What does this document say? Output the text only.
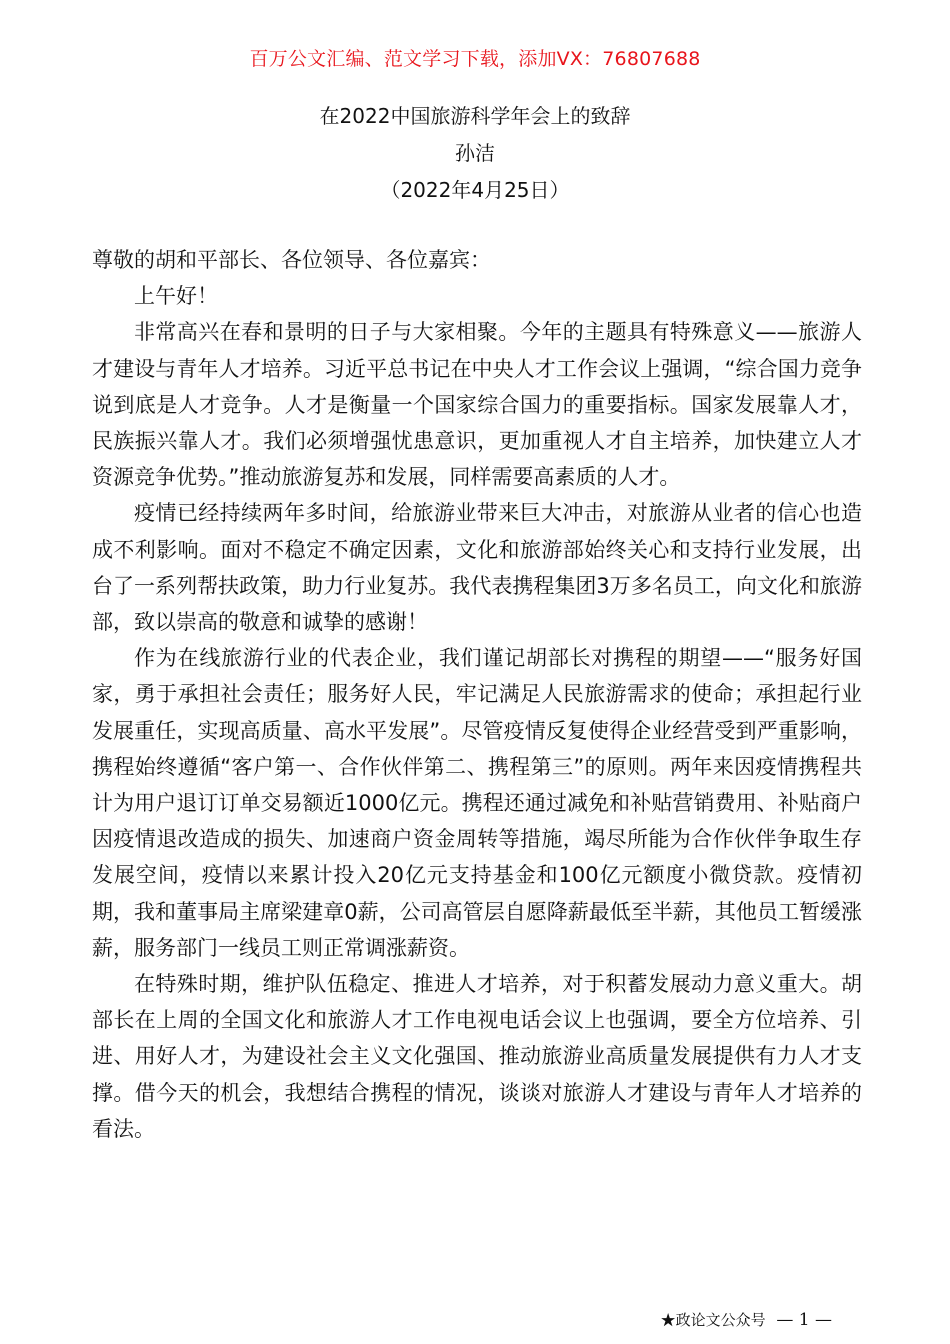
百万公文汇编、范文学习下载，添加VX：76807688
在2022中国旅游科学年会上的致辞
孙洁
（2022年4月25日）

尊敬的胡和平部长、各位领导、各位嘉宾：

上午好！

非常高兴在春和景明的日子与大家相聚。今年的主题具有特殊意义——旅游人才建设与青年人才培养。习近平总书记在中央人才工作会议上强调，“综合国力竞争说到底是人才竞争。人才是衡量一个国家综合国力的重要指标。国家发展靠人才，民族振兴靠人才。我们必须增强忧患意识，更加重视人才自主培养，加快建立人才资源竞争优势。”推动旅游复苏和发展，同样需要高素质的人才。

疫情已经持续两年多时间，给旅游业带来巨大冲击，对旅游从业者的信心也造成不利影响。面对不稳定不确定因素，文化和旅游部始终关心和支持行业发展，出台了一系列帮扶政策，助力行业复苏。我代表携程集团3万多名员工，向文化和旅游部，致以崇高的敬意和诚挚的感谢！

作为在线旅游行业的代表企业，我们谨记胡部长对携程的期望——“服务好国家，勇于承担社会责任；服务好人民，牢记满足人民旅游需求的使命；承担起行业发展重任，实现高质量、高水平发展”。尽管疫情反复使得企业经营受到严重影响，携程始终遵循“客户第一、合作伙伴第二、携程第三”的原则。两年来因疫情携程共计为用户退订订单交易额近1000亿元。携程还通过减免和补贴营销费用、补贴商户因疫情退改造成的损失、加速商户资金周转等措施，竭尽所能为合作伙伴争取生存发展空间，疫情以来累计投入20亿元支持基金和100亿元额度小微贷款。疫情初期，我和董事局主席梁建章0薪，公司高管层自愿降薪最低至半薪，其他员工暂缓涨薪，服务部门一线员工则正常调涨薪资。

在特殊时期，维护队伍稳定、推进人才培养，对于积蓄发展动力意义重大。胡部长在上周的全国文化和旅游人才工作电视电话会议上也强调，要全方位培养、引进、用好人才，为建设社会主义文化强国、推动旅游业高质量发展提供有力人才支撑。借今天的机会，我想结合携程的情况，谈谈对旅游人才建设与青年人才培养的看法。

★政论文公众号 — 1 —
